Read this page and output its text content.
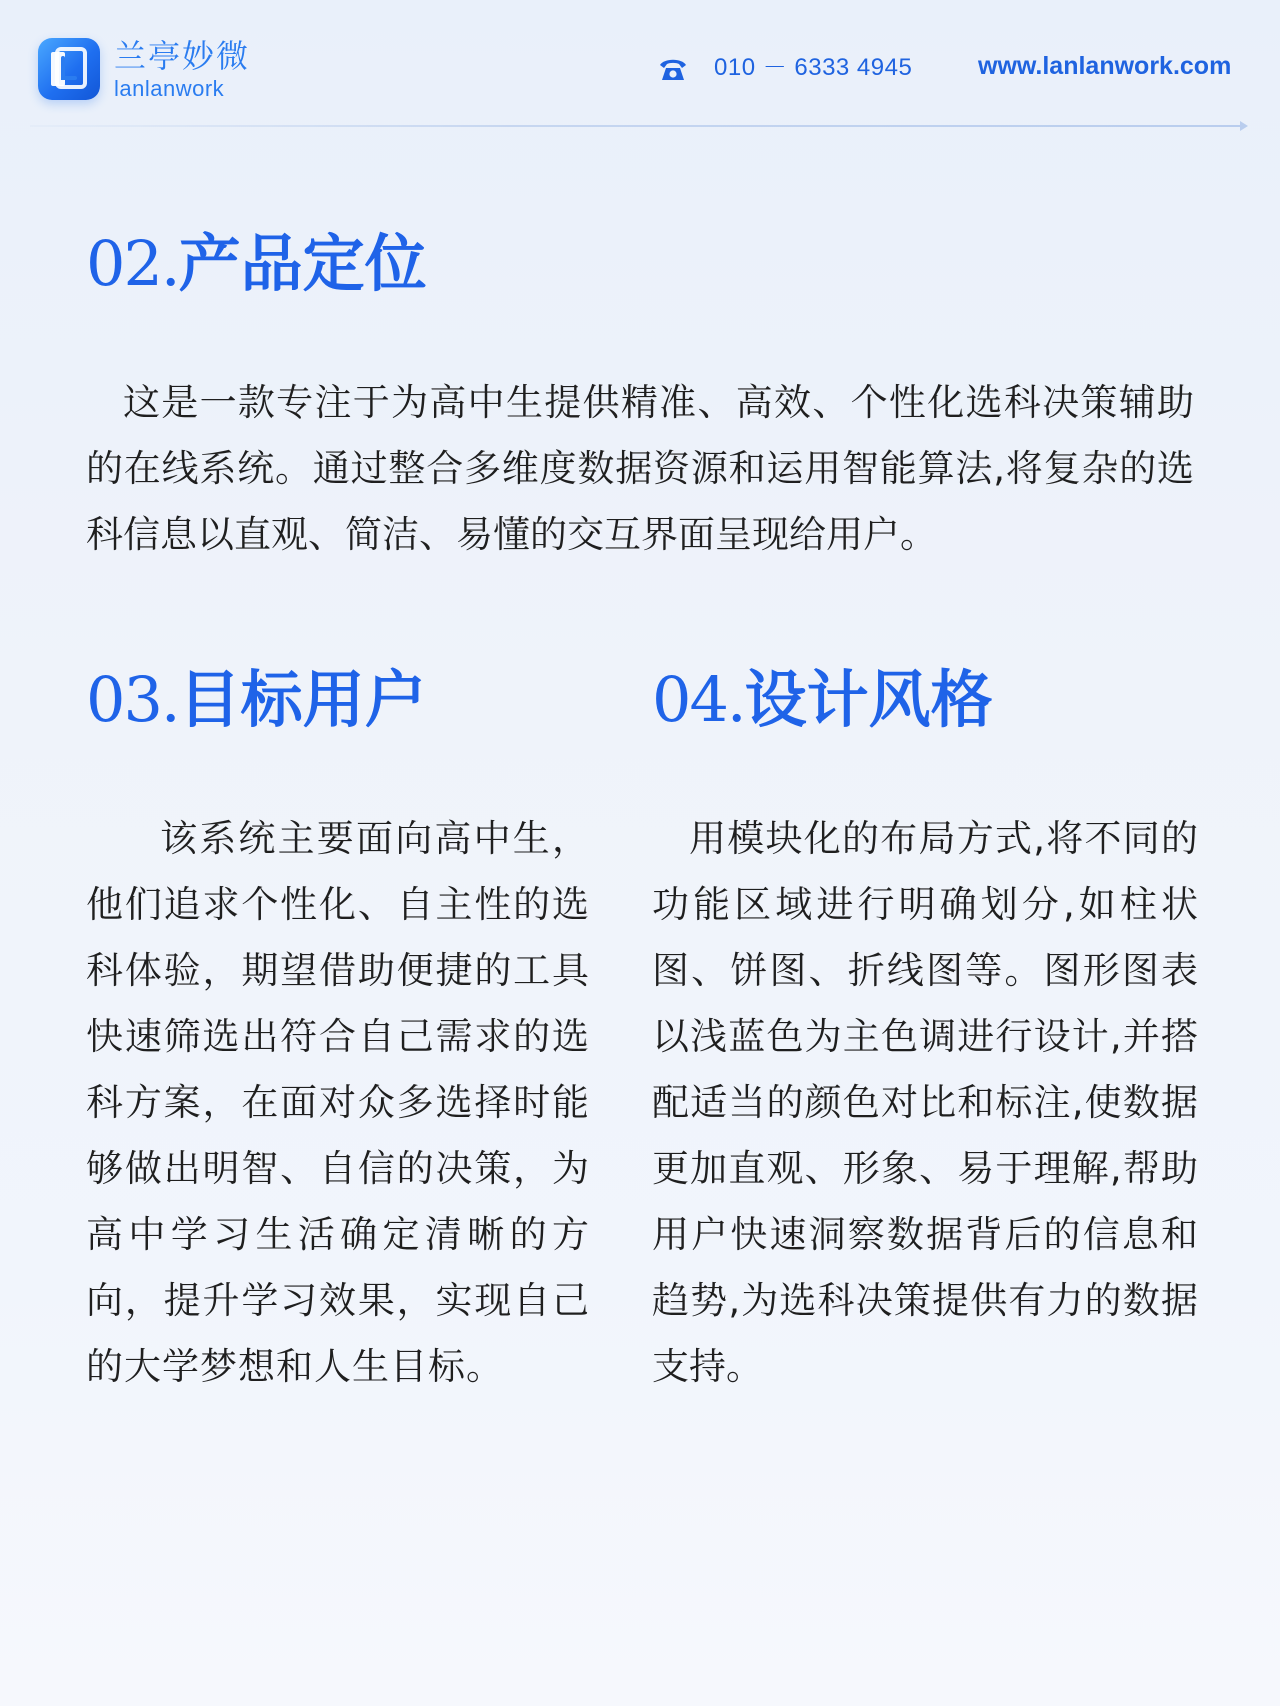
兰亭妙微
lanlanwork
010 － 6333 4945	www.lanlanwork.com
02.产品定位

这是一款专注于为高中生提供精准、高效、个性化选科决策辅助的在线系统。通过整合多维度数据资源和运用智能算法,将复杂的选科信息以直观、简洁、易懂的交互界面呈现给用户。

03.目标用户

该系统主要面向高中生，他们追求个性化、自主性的选科体验，期望借助便捷的工具快速筛选出符合自己需求的选科方案，在面对众多选择时能够做出明智、自信的决策，为高中学习生活确定清晰的方向，提升学习效果，实现自己的大学梦想和人生目标。

04.设计风格

用模块化的布局方式,将不同的功能区域进行明确划分,如柱状图、饼图、折线图等。图形图表以浅蓝色为主色调进行设计,并搭配适当的颜色对比和标注,使数据更加直观、形象、易于理解,帮助用户快速洞察数据背后的信息和趋势,为选科决策提供有力的数据支持。
